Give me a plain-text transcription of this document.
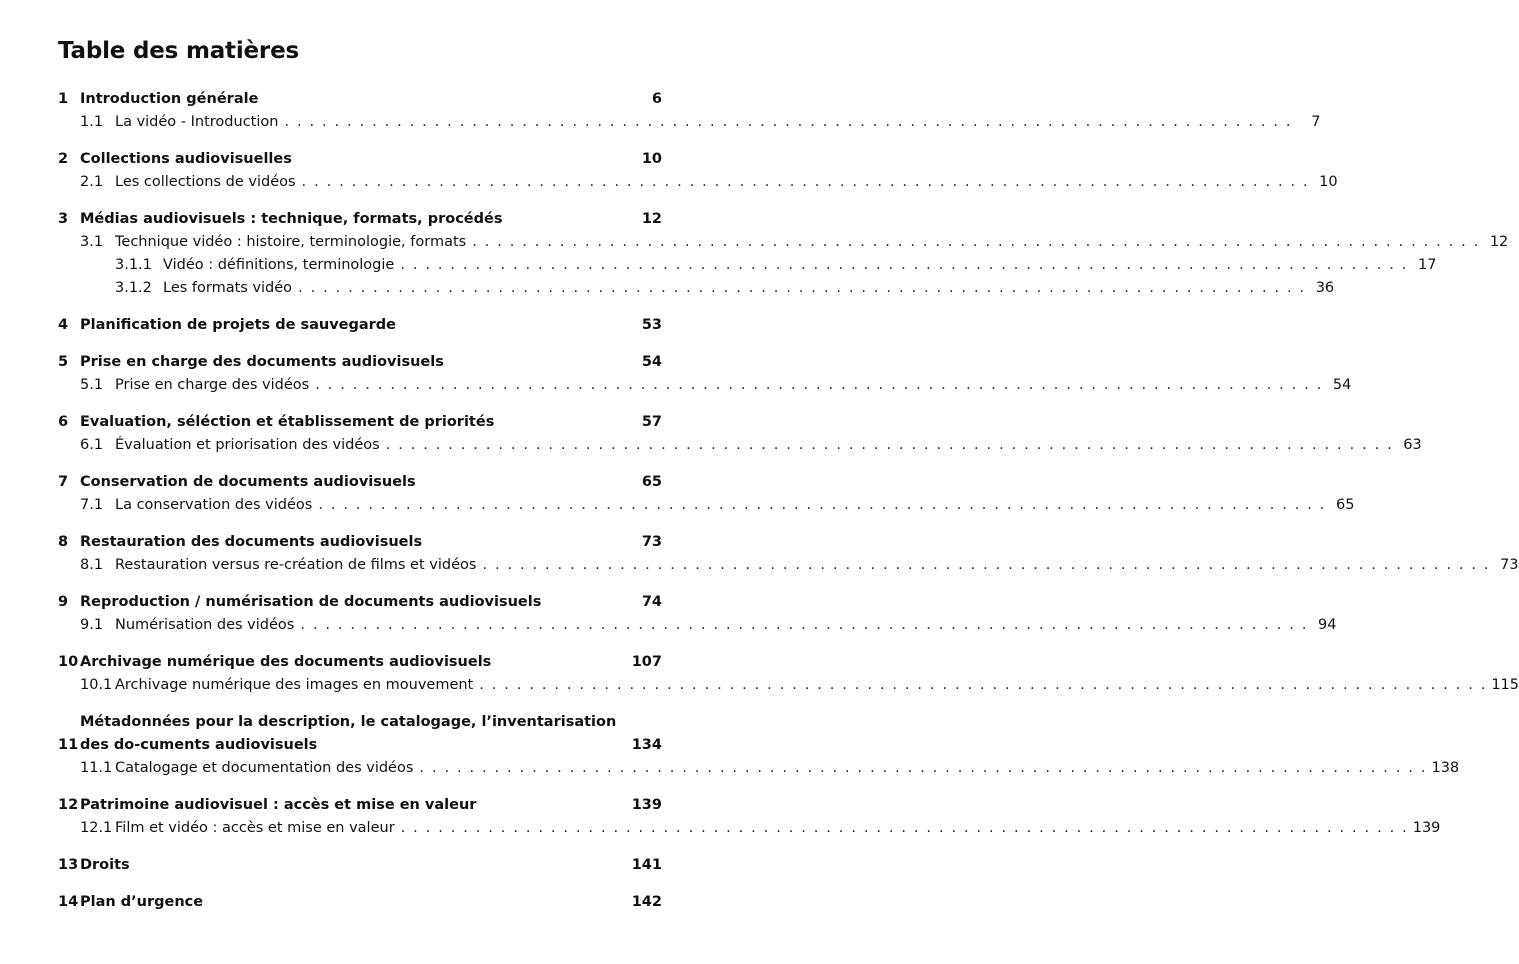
Table des matières
1 Introduction générale	6
1.1 La vidéo - Introduction . . .	7
2 Collections audiovisuelles	10
2.1 Les collections de vidéos . . .	10
3 Médias audiovisuels : technique, formats, procédés	12
3.1 Technique vidéo : histoire, terminologie, formats . . .	12
3.1.1 Vidéo : définitions, terminologie . . .	17
3.1.2 Les formats vidéo . . .	36
4 Planification de projets de sauvegarde	53
5 Prise en charge des documents audiovisuels	54
5.1 Prise en charge des vidéos . . .	54
6 Evaluation, séléction et établissement de priorités	57
6.1 Évaluation et priorisation des vidéos . . .	63
7 Conservation de documents audiovisuels	65
7.1 La conservation des vidéos . . .	65
8 Restauration des documents audiovisuels	73
8.1 Restauration versus re-création de films et vidéos . . .	73
9 Reproduction / numérisation de documents audiovisuels	74
9.1 Numérisation des vidéos . . .	94
10 Archivage numérique des documents audiovisuels	107
10.1 Archivage numérique des images en mouvement . . .	115
11
Métadonnées pour la description, le catalogage, l’inventarisation des do-cuments audiovisuels	134
11.1 Catalogage et documentation des vidéos . . .	138
12 Patrimoine audiovisuel : accès et mise en valeur	139
12.1 Film et vidéo : accès et mise en valeur . . .	139
13 Droits	141
14 Plan d’urgence	142
